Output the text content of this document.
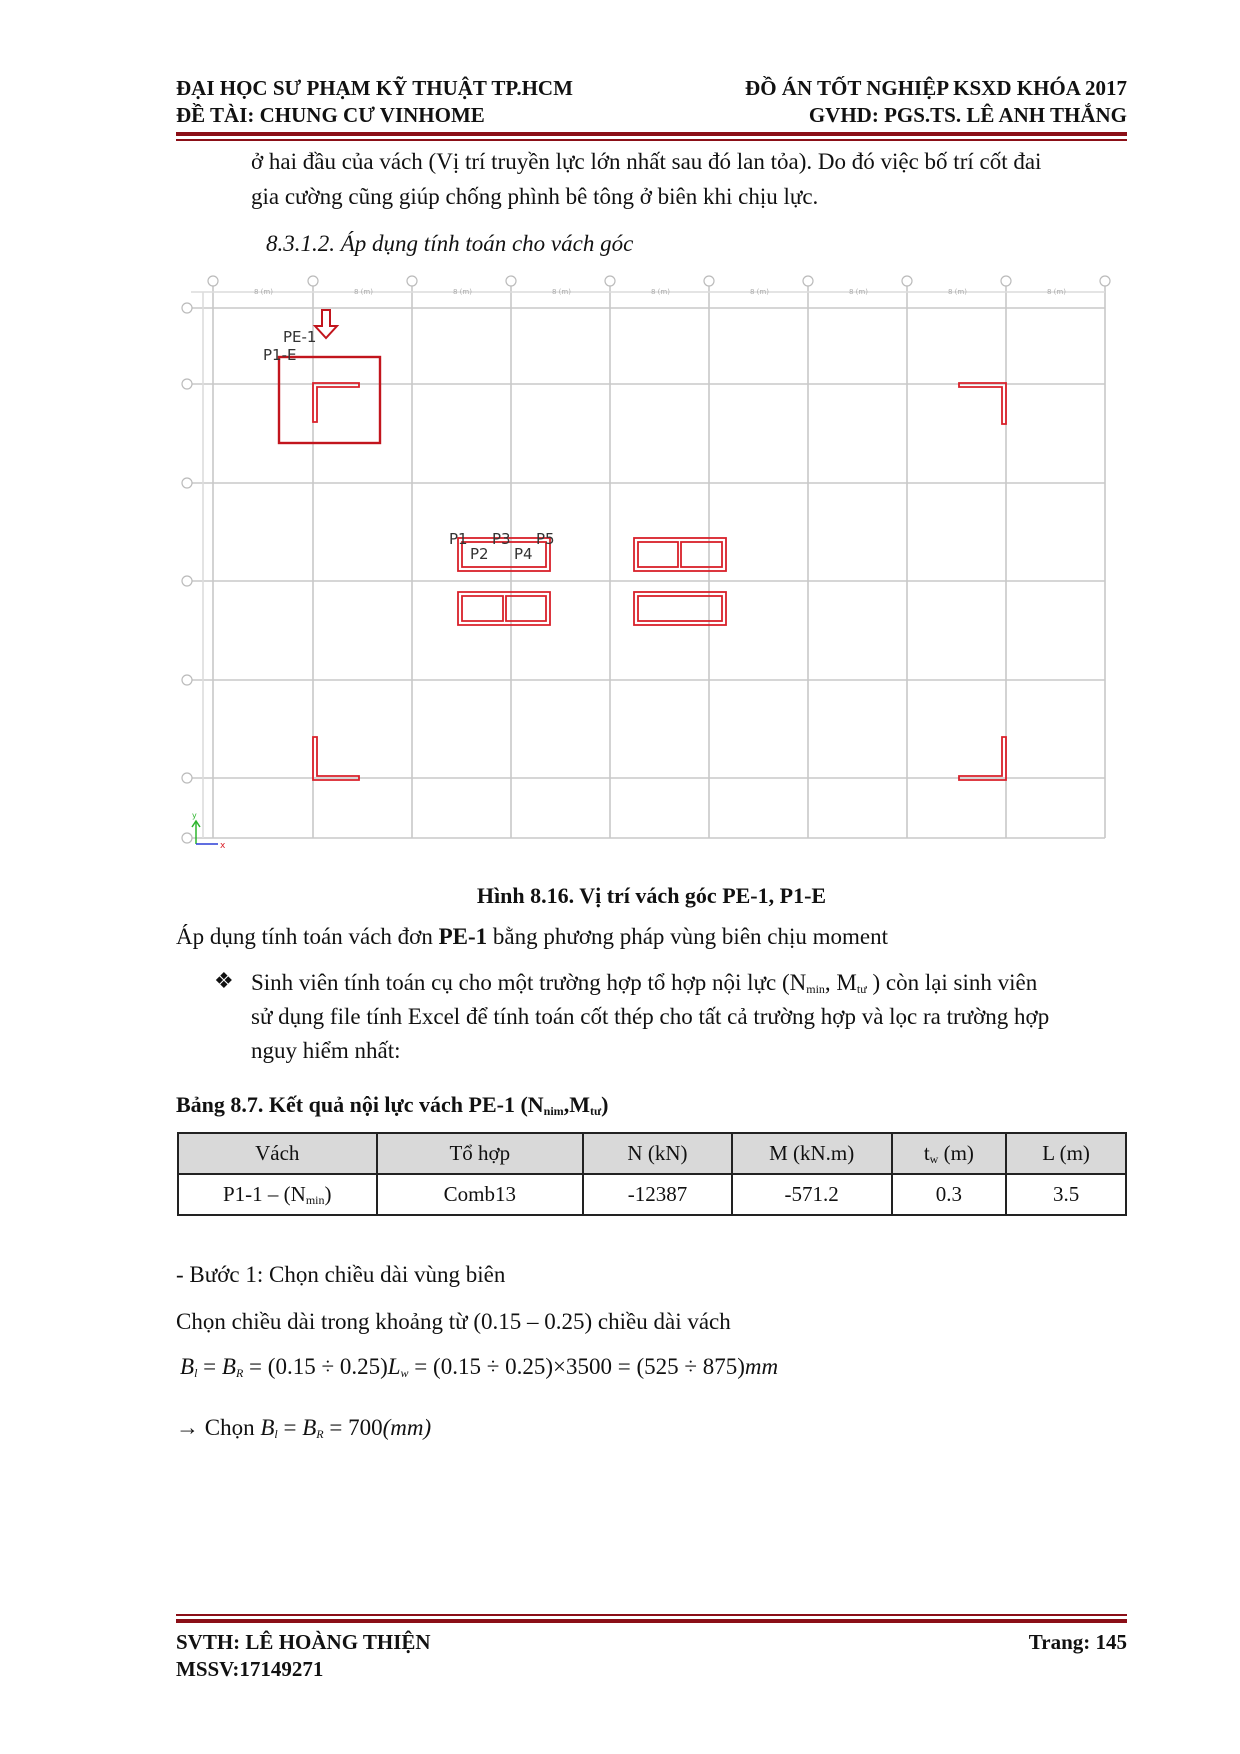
ĐẠI HỌC SƯ PHẠM KỸ THUẬT TP.HCM
ĐỀ TÀI: CHUNG CƯ VINHOME
ĐỒ ÁN TỐT NGHIỆP KSXD KHÓA 2017
GVHD: PGS.TS. LÊ ANH THẮNG
ở hai đầu của vách (Vị trí truyền lực lớn nhất sau đó lan tỏa). Do đó việc bố trí cốt đai
gia cường cũng giúp chống phình bê tông ở biên khi chịu lực.
8.3.1.2. Áp dụng tính toán cho vách góc
8 (m)	8 (m)	8 (m)	8 (m)	8 (m)	8 (m)	8 (m)	8 (m)	8 (m)
PE-1
P1-E
P1
P2
P3
P4
P5
x
y
Hình 8.16. Vị trí vách góc PE-1, P1-E
Áp dụng tính toán vách đơn PE-1 bằng phương pháp vùng biên chịu moment
❖ Sinh viên tính toán cụ cho một trường hợp tổ hợp nội lực ($N_{min}$, $M_{tư}$ ) còn lại sinh viên
sử dụng file tính Excel để tính toán cốt thép cho tất cả trường hợp và lọc ra trường hợp
nguy hiểm nhất:
Bảng 8.7. Kết quả nội lực vách PE-1 $(N_{nim},M_{tư})$
Vách	Tổ hợp	N (kN)	M (kN.m)	$t_w$ (m)	L (m)
$P1-1 - (N_{min})$	Comb13	-12387	-571.2	0.3	3.5
- Bước 1: Chọn chiều dài vùng biên
Chọn chiều dài trong khoảng từ (0.15 – 0.25) chiều dài vách
$B_l = B_R = (0.15 \div 0.25)L_w = (0.15 \div 0.25)\times 3500 = (525 \div 875)mm$
→ Chọn $B_l = B_R = 700(mm)$
SVTH: LÊ HOÀNG THIỆN
MSSV:17149271
Trang: 145
